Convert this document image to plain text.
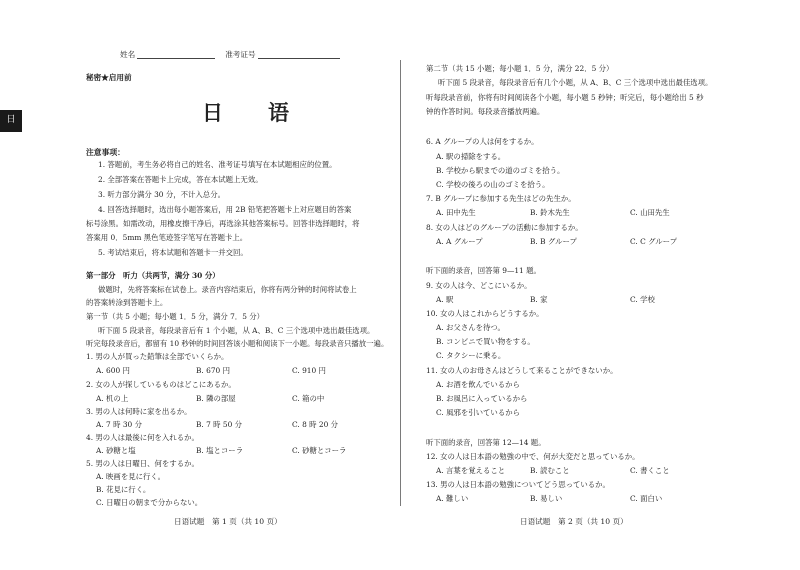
日
姓名	准考证号
秘密★启用前
日　语
注意事项：
1. 答题前，考生务必将自己的姓名、准考证号填写在本试题相应的位置。
2. 全部答案在答题卡上完成，答在本试题上无效。
3. 听力部分满分 30 分，不计入总分。
4. 回答选择题时，选出每小题答案后，用 2B 铅笔把答题卡上对应题目的答案
标号涂黑。如需改动，用橡皮擦干净后，再选涂其他答案标号。回答非选择题时，将
答案用 0．5mm 黑色笔迹签字笔写在答题卡上。
5. 考试结束后，将本试题和答题卡一并交回。
第一部分　听力（共两节，满分 30 分）
做题时，先将答案标在试卷上。录音内容结束后，你将有两分钟的时间将试卷上
的答案转涂到答题卡上。
第一节（共 5 小题；每小题 1．5 分，满分 7．5 分）
听下面 5 段录音，每段录音后有 1 个小题，从 A、B、C 三个选项中选出最佳选项。
听完每段录音后，都留有 10 秒钟的时间回答该小题和阅读下一小题。每段录音只播放一遍。
1. 男の人が買った鉛筆は全部でいくらか。
A. 600 円	B. 670 円	C. 910 円
2. 女の人が探しているものはどこにあるか。
A. 机の上	B. 隣の部屋	C. 箱の中
3. 男の人は何時に家を出るか。
A. 7 時 30 分	B. 7 時 50 分	C. 8 時 20 分
4. 男の人は最後に何を入れるか。
A. 砂糖と塩	B. 塩とコーラ	C. 砂糖とコーラ
5. 男の人は日曜日、何をするか。
A. 映画を見に行く。
B. 花見に行く。
C. 日曜日の朝まで分からない。
日语试题　第 1 页（共 10 页）
第二节（共 15 小题；每小题 1．5 分，满分 22．5 分）
听下面 5 段录音，每段录音后有几个小题，从 A、B、C 三个选项中选出最佳选项。
听每段录音前，你将有时间阅读各个小题，每小题 5 秒钟；听完后，每小题给出 5 秒
钟的作答时间。每段录音播放两遍。
6. A グループの人は何をするか。
A. 駅の掃除をする。
B. 学校から駅までの道のゴミを拾う。
C. 学校の後ろの山のゴミを拾う。
7. B グループに参加する先生はどの先生か。
A. 田中先生	B. 鈴木先生	C. 山田先生
8. 女の人はどのグループの活動に参加するか。
A. A グループ	B. B グループ	C. C グループ
听下面的录音，回答第 9—11 题。
9. 女の人は今、どこにいるか。
A. 駅	B. 家	C. 学校
10. 女の人はこれからどうするか。
A. お父さんを待つ。
B. コンビニで買い物をする。
C. タクシーに乗る。
11. 女の人のお母さんはどうして来ることができないか。
A. お酒を飲んでいるから
B. お風呂に入っているから
C. 風邪を引いているから
听下面的录音，回答第 12—14 题。
12. 女の人は日本語の勉強の中で、何が大変だと思っているか。
A. 言葉を覚えること	B. 読むこと	C. 書くこと
13. 男の人は日本語の勉強についてどう思っているか。
A. 難しい	B. 易しい	C. 面白い
日语试题　第 2 页（共 10 页）
